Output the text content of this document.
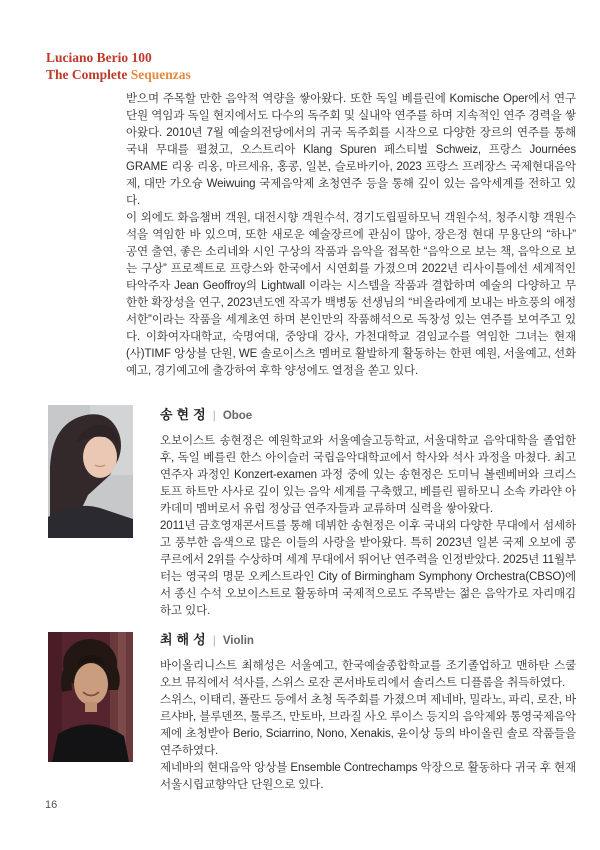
Luciano Berio 100
The Complete Sequenzas

받으며 주목할 만한 음악적 역량을 쌓아왔다. 또한 독일 베를린에 Komische Oper에서 연구단원 역임과 독일 현지에서도 다수의 독주회 및 실내악 연주를 하며 지속적인 연주 경력을 쌓아왔다. 2010년 7월 예술의전당에서의 귀국 독주회를 시작으로 다양한 장르의 연주를 통해 국내 무대를 펼쳤고, 오스트리아 Klang Spuren 페스티벌 Schweiz, 프랑스 Journées GRAME 리옹 리옹, 마르세유, 홍콩, 일본, 슬로바키아, 2023 프랑스 프레장스 국제현대음악제, 대만 가오슝 Weiwuing 국제음악제 초청연주 등을 통해 깊이 있는 음악세계를 전하고 있다.

이 외에도 화음챔버 객원, 대전시향 객원수석, 경기도립필하모닉 객원수석, 청주시향 객원수석을 역임한 바 있으며, 또한 새로운 예술장르에 관심이 많아, 장은정 현대 무용단의 “하나” 공연 출연, 좋은 소리네와 시인 구상의 작품과 음악을 접목한 “음악으로 보는 책, 음악으로 보는 구상” 프로젝트로 프랑스와 한국에서 시연회를 가졌으며 2022년 리사이틀에선 세계적인 타악주자 Jean Geoffroy의 Lightwall 이라는 시스템을 작품과 결합하며 예술의 다양하고 무한한 확장성을 연구, 2023년도엔 작곡가 백병동 선생님의 “비올라에게 보내는 바흐풍의 애정서한”이라는 작품을 세계초연 하며 본인만의 작품해석으로 독창성 있는 연주를 보여주고 있다. 이화여자대학교, 숙명여대, 중앙대 강사, 가천대학교 겸임교수를 역임한 그녀는 현재 (사)TIMF 앙상블 단원, WE 솔로이스츠 멤버로 활발하게 활동하는 한편 예원, 서울예고, 선화예고, 경기예고에 출강하여 후학 양성에도 열정을 쏟고 있다.

송현정 | Oboe

오보이스트 송현정은 예원학교와 서울예술고등학교, 서울대학교 음악대학을 졸업한 후, 독일 베를린 한스 아이슬러 국립음악대학교에서 학사와 석사 과정을 마쳤다. 최고연주자 과정인 Konzert-examen 과정 중에 있는 송현정은 도미닉 볼렌베버와 크리스토프 하트만 사사로 깊이 있는 음악 세계를 구축했고, 베를린 필하모니 소속 카라얀 아카데미 멤버로서 유럽 정상급 연주자들과 교류하며 실력을 쌓아왔다.

2011년 금호영재콘서트를 통해 데뷔한 송현정은 이후 국내외 다양한 무대에서 섬세하고 풍부한 음색으로 많은 이들의 사랑을 받아왔다. 특히 2023년 일본 국제 오보에 콩쿠르에서 2위를 수상하며 세계 무대에서 뛰어난 연주력을 인정받았다. 2025년 11월부터는 영국의 명문 오케스트라인 City of Birmingham Symphony Orchestra(CBSO)에서 종신 수석 오보이스트로 활동하며 국제적으로도 주목받는 젊은 음악가로 자리매김하고 있다.

최해성 | Violin

바이올리니스트 최해성은 서울예고, 한국예술종합학교를 조기졸업하고 맨하탄 스쿨 오브 뮤직에서 석사를, 스위스 로잔 콘서바토리에서 솔리스트 디플롬을 취득하였다.

스위스, 이태리, 폴란드 등에서 초청 독주회를 가졌으며 제네바, 밀라노, 파리, 로잔, 바르샤바, 블루덴쯔, 툴루즈, 만토바, 브라질 사오 루이스 등지의 음악제와 통영국제음악제에 초청받아 Berio, Sciarrino, Nono, Xenakis, 윤이상 등의 바이올린 솔로 작품들을 연주하였다.

제네바의 현대음악 앙상블 Ensemble Contrechamps 악장으로 활동하다 귀국 후 현재 서울시립교향악단 단원으로 있다.

16
